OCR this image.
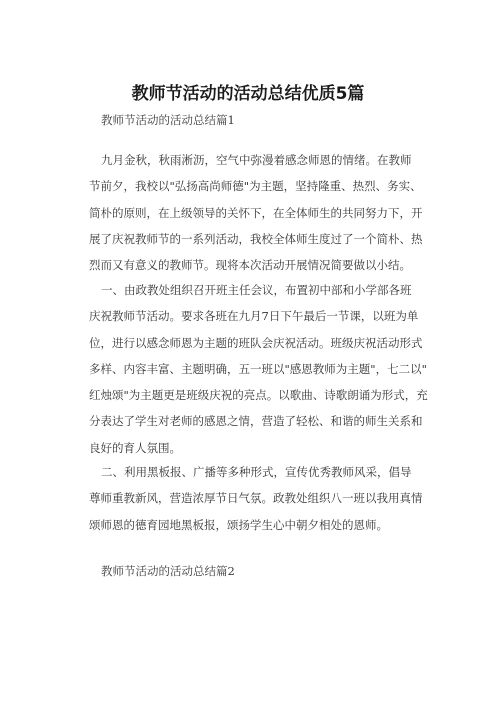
教师节活动的活动总结优质5篇

教师节活动的活动总结篇1

九月金秋，秋雨淅沥，空气中弥漫着感念师恩的情绪。在教师
节前夕，我校以"弘扬高尚师德"为主题，坚持隆重、热烈、务实、
简朴的原则，在上级领导的关怀下，在全体师生的共同努力下，开
展了庆祝教师节的一系列活动，我校全体师生度过了一个简朴、热
烈而又有意义的教师节。现将本次活动开展情况简要做以小结。
一、由政教处组织召开班主任会议，布置初中部和小学部各班
庆祝教师节活动。要求各班在九月7日下午最后一节课，以班为单
位，进行以感念师恩为主题的班队会庆祝活动。班级庆祝活动形式
多样、内容丰富、主题明确，五一班以"感恩教师为主题"，七二以"
红烛颂"为主题更是班级庆祝的亮点。以歌曲、诗歌朗诵为形式，充
分表达了学生对老师的感恩之情，营造了轻松、和谐的师生关系和
良好的育人氛围。
二、利用黑板报、广播等多种形式，宣传优秀教师风采，倡导
尊师重教新风，营造浓厚节日气氛。政教处组织八一班以我用真情
颂师恩的德育园地黑板报，颂扬学生心中朝夕相处的恩师。

教师节活动的活动总结篇2
